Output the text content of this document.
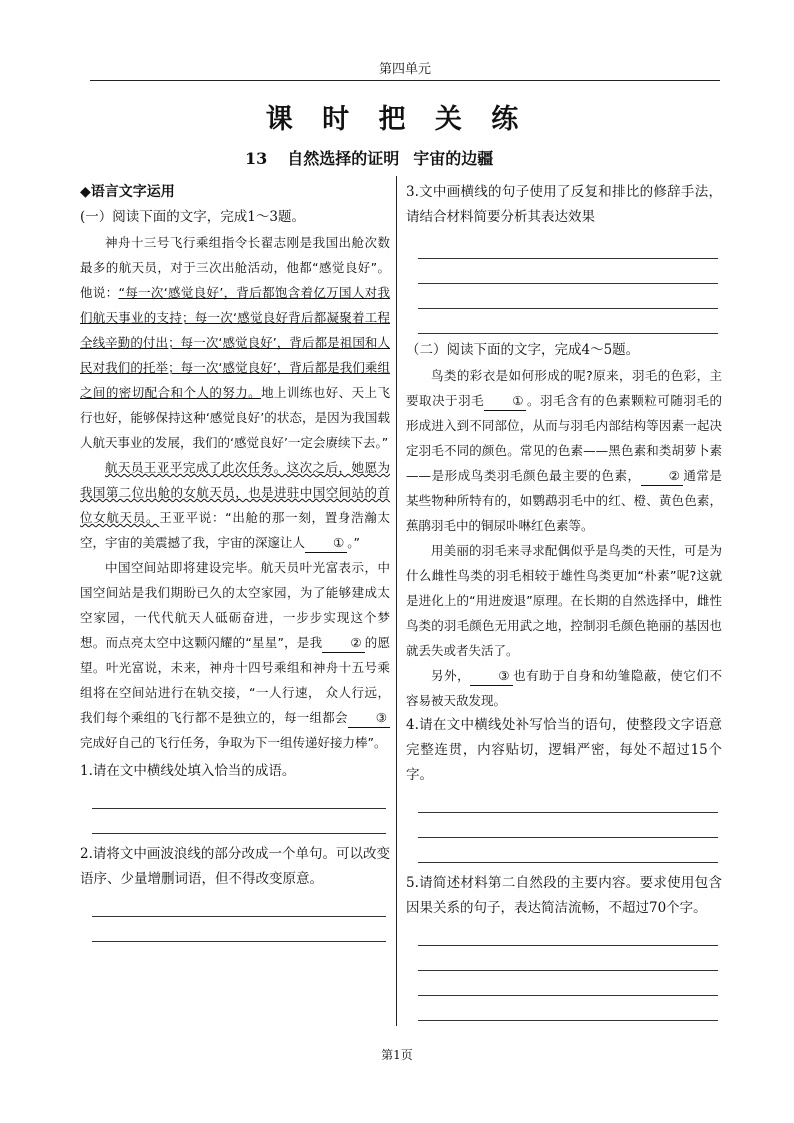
第四单元
课 时 把 关 练
13 自然选择的证明 宇宙的边疆
◆语言文字运用
(一）阅读下面的文字，完成1～3题。

神舟十三号飞行乘组指令长翟志刚是我国出舱次数最多的航天员，对于三次出舱活动，他都“感觉良好”。他说：“每一次‘感觉良好’，背后都饱含着亿万国人对我们航天事业的支持；每一次‘感觉良好背后都凝聚着工程全线辛勤的付出；每一次‘感觉良好’，背后都是祖国和人民对我们的托举；每一次‘感觉良好’，背后都是我们乘组之间的密切配合和个人的努力。地上训练也好、天上飞行也好，能够保持这种‘感觉良好’的状态，是因为我国载人航天事业的发展，我们的‘感觉良好’一定会赓续下去。”

航天员王亚平完成了此次任务。这次之后，她愿为我国第二位出舱的女航天员，也是进驻中国空间站的首位女航天员。王亚平说：“出舱的那一刻，置身浩瀚太空，宇宙的美震撼了我，宇宙的深邃让人 ① 。”

中国空间站即将建设完毕。航天员叶光富表示，中国空间站是我们期盼已久的太空家园，为了能够建成太空家园，一代代航天人砥砺奋进，一步步实现这个梦想。而点亮太空中这颗闪耀的“星星”，是我 ② 的愿望。叶光富说，未来，神舟十四号乘组和神舟十五号乘组将在空间站进行在轨交接，“一人行速， 众人行远，我们每个乘组的飞行都不是独立的，每一组都会 ③完成好自己的飞行任务，争取为下一组传递好接力棒”。

1.请在文中横线处填入恰当的成语。

2.请将文中画波浪线的部分改成一个单句。可以改变语序、少量增删词语，但不得改变原意。

3.文中画横线的句子使用了反复和排比的修辞手法，请结合材料简要分析其表达效果

（二）阅读下面的文字，完成4～5题。

鸟类的彩衣是如何形成的呢?原来，羽毛的色彩，主要取决于羽毛 ① 。羽毛含有的色素颗粒可随羽毛的形成进入到不同部位，从而与羽毛内部结构等因素一起决定羽毛不同的颜色。常见的色素——黑色素和类胡萝卜素——是形成鸟类羽毛颜色最主要的色素， ② 通常是某些物种所特有的，如鹦鹉羽毛中的红、橙、黄色色素，蕉鹃羽毛中的铜尿卟啉红色素等。

用美丽的羽毛来寻求配偶似乎是鸟类的天性，可是为什么雌性鸟类的羽毛相较于雄性鸟类更加“朴素”呢?这就是进化上的“用进废退”原理。在长期的自然选择中，雌性鸟类的羽毛颜色无用武之地，控制羽毛颜色艳丽的基因也就丢失或者失活了。

另外， ③ 也有助于自身和幼雏隐蔽，使它们不容易被天敌发现。

4.请在文中横线处补写恰当的语句，使整段文字语意完整连贯，内容贴切，逻辑严密，每处不超过15个字。

5.请简述材料第二自然段的主要内容。要求使用包含因果关系的句子，表达简洁流畅，不超过70个字。

第1页
